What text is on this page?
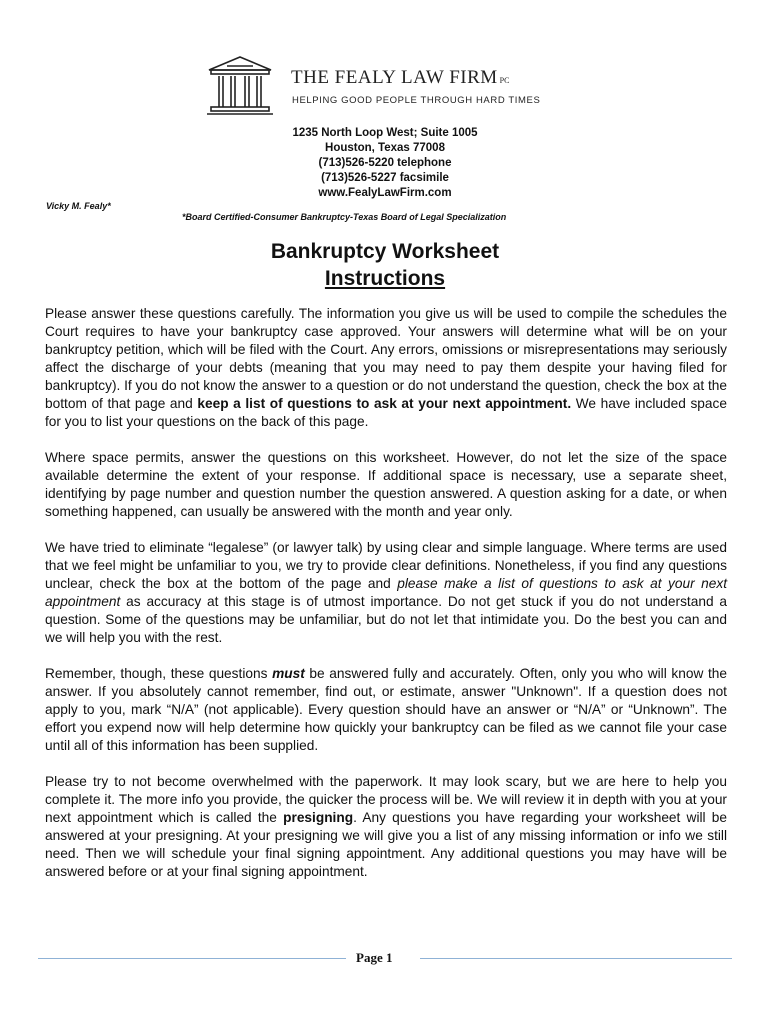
THE FEALY LAW FIRM PC
HELPING GOOD PEOPLE THROUGH HARD TIMES
1235 North Loop West; Suite 1005
Houston, Texas 77008
(713)526-5220 telephone
(713)526-5227 facsimile
www.FealyLawFirm.com
Vicky M. Fealy*
*Board Certified-Consumer Bankruptcy-Texas Board of Legal Specialization
Bankruptcy Worksheet
Instructions

Please answer these questions carefully. The information you give us will be used to compile the schedules the Court requires to have your bankruptcy case approved. Your answers will determine what will be on your bankruptcy petition, which will be filed with the Court. Any errors, omissions or misrepresentations may seriously affect the discharge of your debts (meaning that you may need to pay them despite your having filed for bankruptcy). If you do not know the answer to a question or do not understand the question, check the box at the bottom of that page and keep a list of questions to ask at your next appointment. We have included space for you to list your questions on the back of this page.

Where space permits, answer the questions on this worksheet. However, do not let the size of the space available determine the extent of your response. If additional space is necessary, use a separate sheet, identifying by page number and question number the question answered. A question asking for a date, or when something happened, can usually be answered with the month and year only.

We have tried to eliminate “legalese” (or lawyer talk) by using clear and simple language. Where terms are used that we feel might be unfamiliar to you, we try to provide clear definitions. Nonetheless, if you find any questions unclear, check the box at the bottom of the page and please make a list of questions to ask at your next appointment as accuracy at this stage is of utmost importance. Do not get stuck if you do not understand a question. Some of the questions may be unfamiliar, but do not let that intimidate you. Do the best you can and we will help you with the rest.

Remember, though, these questions must be answered fully and accurately. Often, only you who will know the answer. If you absolutely cannot remember, find out, or estimate, answer "Unknown". If a question does not apply to you, mark “N/A” (not applicable). Every question should have an answer or “N/A” or “Unknown”. The effort you expend now will help determine how quickly your bankruptcy can be filed as we cannot file your case until all of this information has been supplied.

Please try to not become overwhelmed with the paperwork. It may look scary, but we are here to help you complete it. The more info you provide, the quicker the process will be. We will review it in depth with you at your next appointment which is called the presigning. Any questions you have regarding your worksheet will be answered at your presigning. At your presigning we will give you a list of any missing information or info we still need. Then we will schedule your final signing appointment. Any additional questions you may have will be answered before or at your final signing appointment.

Page 1
